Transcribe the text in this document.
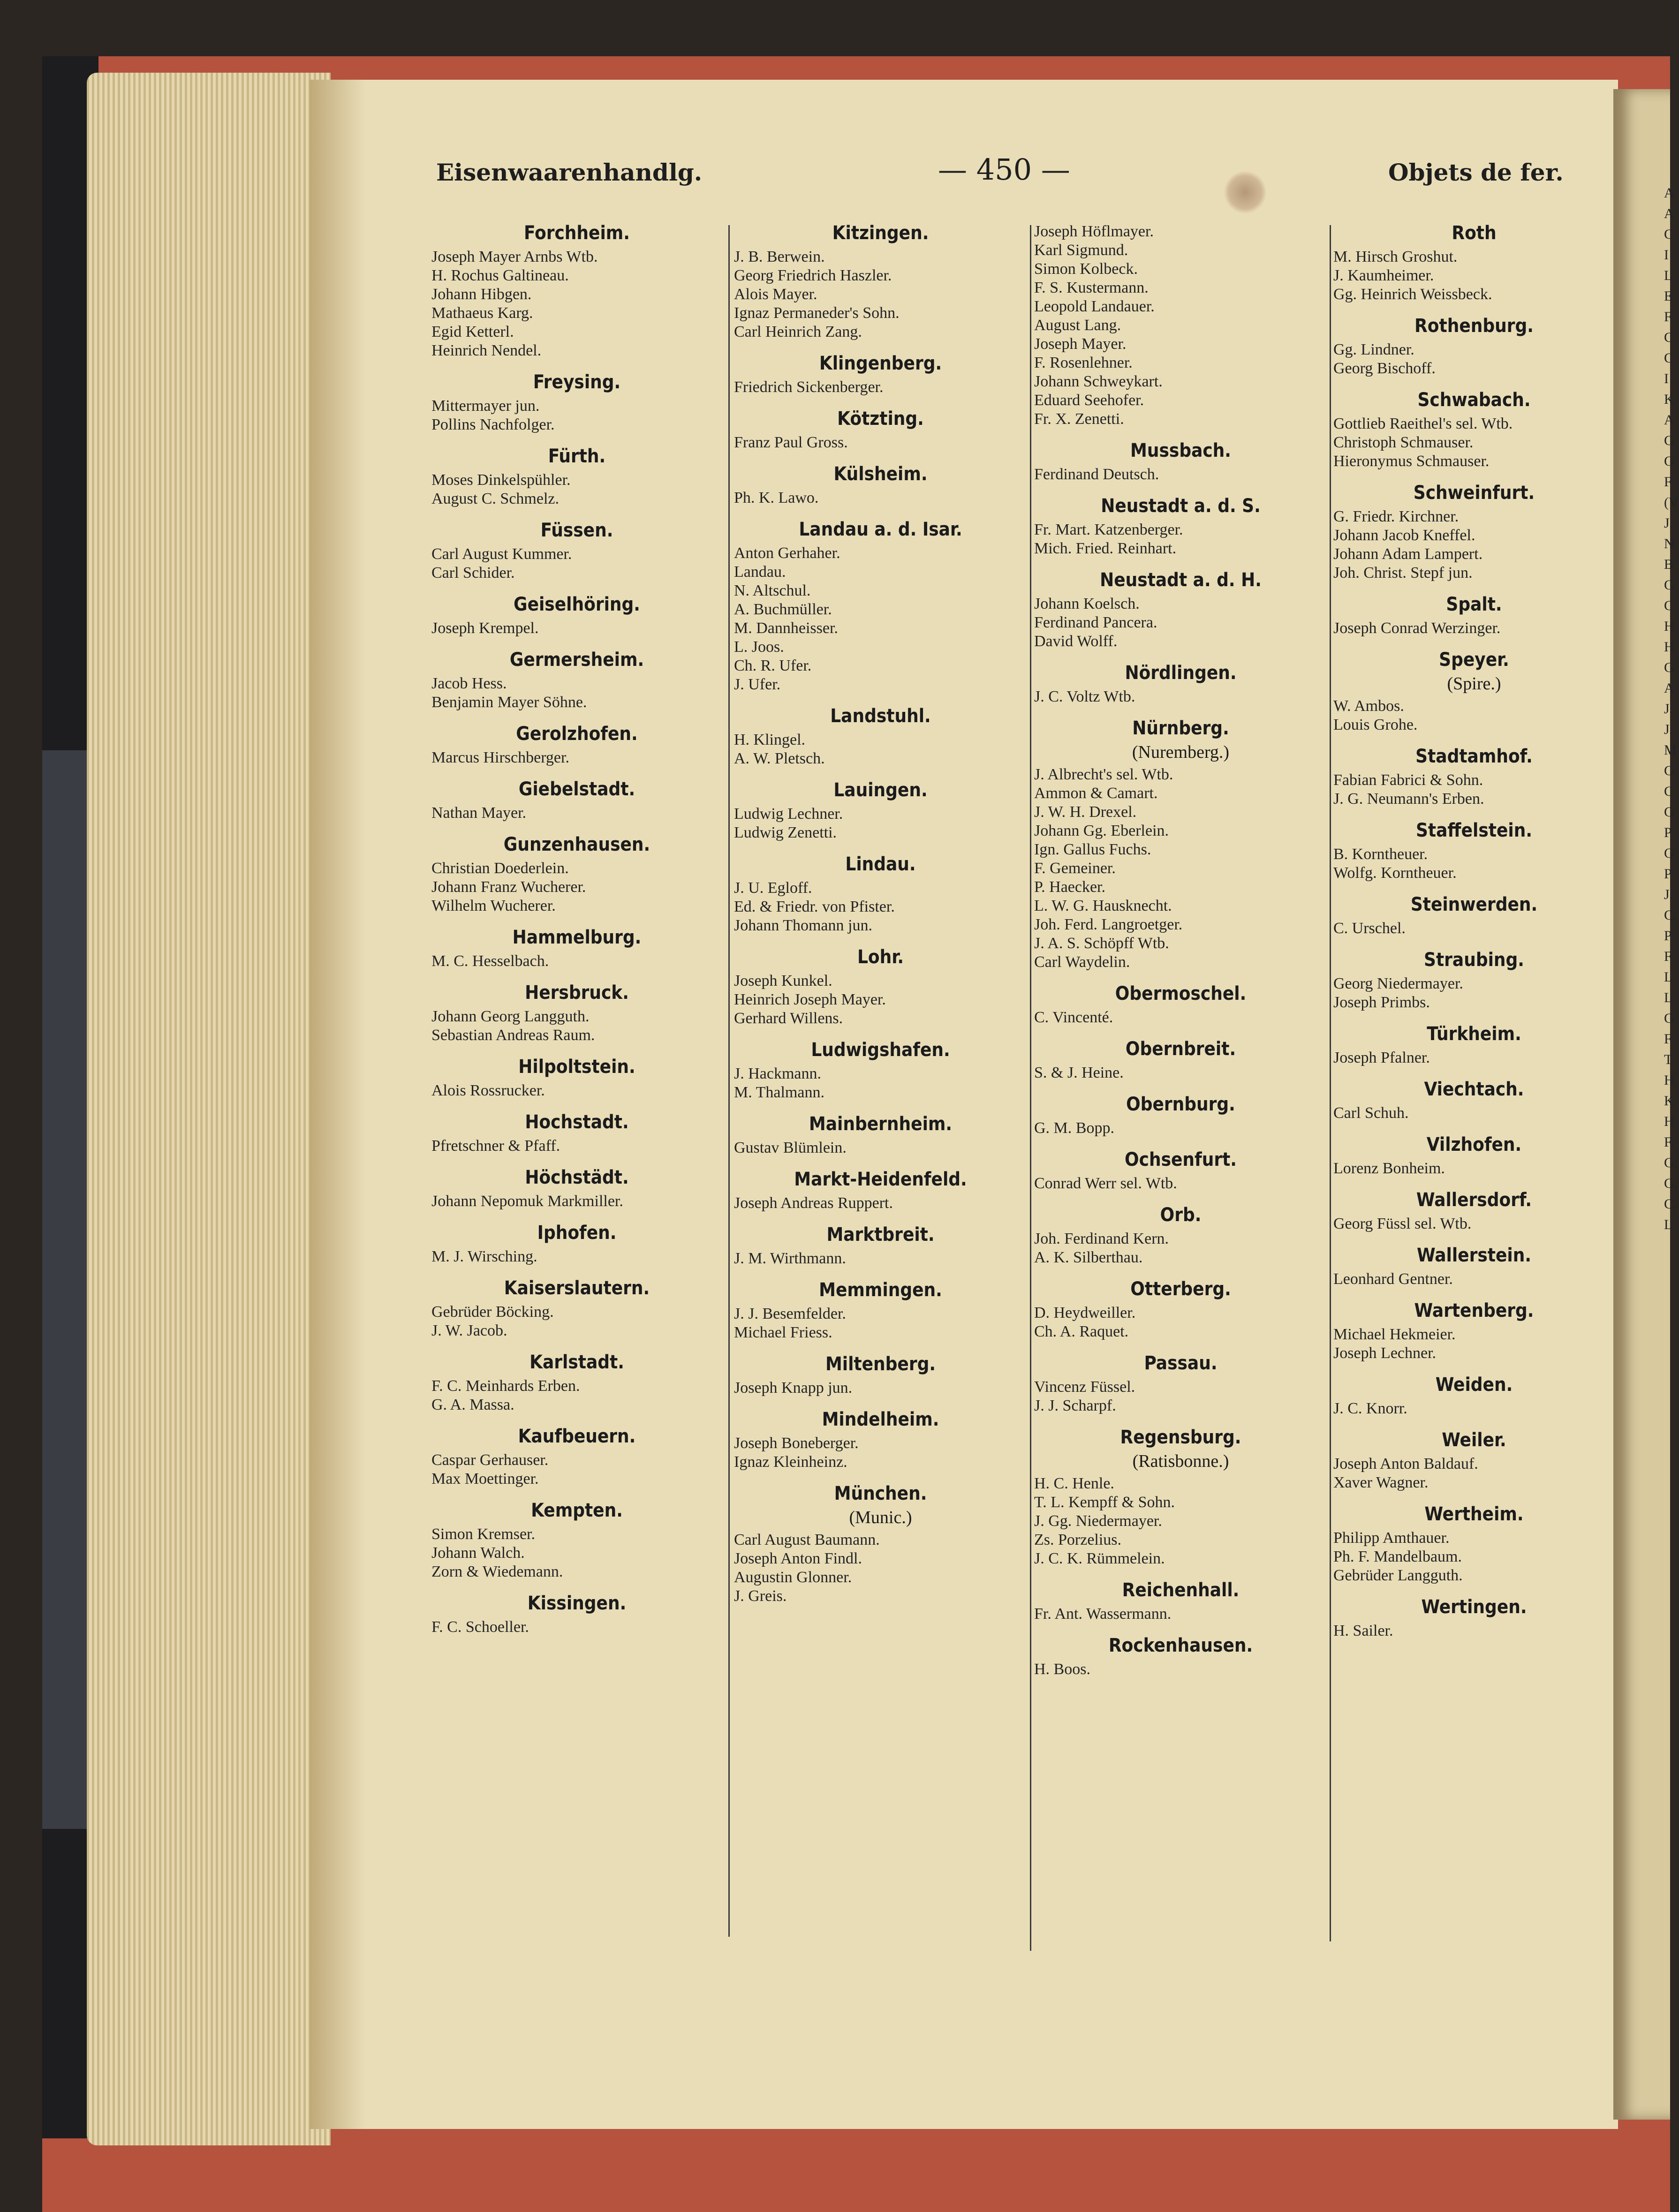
A
A
C
I
L
E
F
C
C
I
K
A
G
G
F
(V
J.
N
B
G
C
H
H
G
A
J.
J.
M
G
C
G
P
G
P
J.
C.
P
F
L
L
G
F
T
H
K
H
F.
G.
G.
C.
L
Eisenwaarenhandlg.	— 450 —	Objets de fer.
Forchheim.
Joseph Mayer Arnbs Wtb.
H. Rochus Galtineau.
Johann Hibgen.
Mathaeus Karg.
Egid Ketterl.
Heinrich Nendel.
Freysing.
Mittermayer jun.
Pollins Nachfolger.
Fürth.
Moses Dinkelspühler.
August C. Schmelz.
Füssen.
Carl August Kummer.
Carl Schider.
Geiselhöring.
Joseph Krempel.
Germersheim.
Jacob Hess.
Benjamin Mayer Söhne.
Gerolzhofen.
Marcus Hirschberger.
Giebelstadt.
Nathan Mayer.
Gunzenhausen.
Christian Doederlein.
Johann Franz Wucherer.
Wilhelm Wucherer.
Hammelburg.
M. C. Hesselbach.
Hersbruck.
Johann Georg Langguth.
Sebastian Andreas Raum.
Hilpoltstein.
Alois Rossrucker.
Hochstadt.
Pfretschner & Pfaff.
Höchstädt.
Johann Nepomuk Markmiller.
Iphofen.
M. J. Wirsching.
Kaiserslautern.
Gebrüder Böcking.
J. W. Jacob.
Karlstadt.
F. C. Meinhards Erben.
G. A. Massa.
Kaufbeuern.
Caspar Gerhauser.
Max Moettinger.
Kempten.
Simon Kremser.
Johann Walch.
Zorn & Wiedemann.
Kissingen.
F. C. Schoeller.
Kitzingen.
J. B. Berwein.
Georg Friedrich Haszler.
Alois Mayer.
Ignaz Permaneder's Sohn.
Carl Heinrich Zang.
Klingenberg.
Friedrich Sickenberger.
Kötzting.
Franz Paul Gross.
Külsheim.
Ph. K. Lawo.
Landau a. d. Isar.
Anton Gerhaher.
Landau.
N. Altschul.
A. Buchmüller.
M. Dannheisser.
L. Joos.
Ch. R. Ufer.
J. Ufer.
Landstuhl.
H. Klingel.
A. W. Pletsch.
Lauingen.
Ludwig Lechner.
Ludwig Zenetti.
Lindau.
J. U. Egloff.
Ed. & Friedr. von Pfister.
Johann Thomann jun.
Lohr.
Joseph Kunkel.
Heinrich Joseph Mayer.
Gerhard Willens.
Ludwigshafen.
J. Hackmann.
M. Thalmann.
Mainbernheim.
Gustav Blümlein.
Markt-Heidenfeld.
Joseph Andreas Ruppert.
Marktbreit.
J. M. Wirthmann.
Memmingen.
J. J. Besemfelder.
Michael Friess.
Miltenberg.
Joseph Knapp jun.
Mindelheim.
Joseph Boneberger.
Ignaz Kleinheinz.
München.
(Munic.)
Carl August Baumann.
Joseph Anton Findl.
Augustin Glonner.
J. Greis.
Joseph Höflmayer.
Karl Sigmund.
Simon Kolbeck.
F. S. Kustermann.
Leopold Landauer.
August Lang.
Joseph Mayer.
F. Rosenlehner.
Johann Schweykart.
Eduard Seehofer.
Fr. X. Zenetti.
Mussbach.
Ferdinand Deutsch.
Neustadt a. d. S.
Fr. Mart. Katzenberger.
Mich. Fried. Reinhart.
Neustadt a. d. H.
Johann Koelsch.
Ferdinand Pancera.
David Wolff.
Nördlingen.
J. C. Voltz Wtb.
Nürnberg.
(Nuremberg.)
J. Albrecht's sel. Wtb.
Ammon & Camart.
J. W. H. Drexel.
Johann Gg. Eberlein.
Ign. Gallus Fuchs.
F. Gemeiner.
P. Haecker.
L. W. G. Hausknecht.
Joh. Ferd. Langroetger.
J. A. S. Schöpff Wtb.
Carl Waydelin.
Obermoschel.
C. Vincenté.
Obernbreit.
S. & J. Heine.
Obernburg.
G. M. Bopp.
Ochsenfurt.
Conrad Werr sel. Wtb.
Orb.
Joh. Ferdinand Kern.
A. K. Silberthau.
Otterberg.
D. Heydweiller.
Ch. A. Raquet.
Passau.
Vincenz Füssel.
J. J. Scharpf.
Regensburg.
(Ratisbonne.)
H. C. Henle.
T. L. Kempff & Sohn.
J. Gg. Niedermayer.
Zs. Porzelius.
J. C. K. Rümmelein.
Reichenhall.
Fr. Ant. Wassermann.
Rockenhausen.
H. Boos.
Roth
M. Hirsch Groshut.
J. Kaumheimer.
Gg. Heinrich Weissbeck.
Rothenburg.
Gg. Lindner.
Georg Bischoff.
Schwabach.
Gottlieb Raeithel's sel. Wtb.
Christoph Schmauser.
Hieronymus Schmauser.
Schweinfurt.
G. Friedr. Kirchner.
Johann Jacob Kneffel.
Johann Adam Lampert.
Joh. Christ. Stepf jun.
Spalt.
Joseph Conrad Werzinger.
Speyer.
(Spire.)
W. Ambos.
Louis Grohe.
Stadtamhof.
Fabian Fabrici & Sohn.
J. G. Neumann's Erben.
Staffelstein.
B. Korntheuer.
Wolfg. Korntheuer.
Steinwerden.
C. Urschel.
Straubing.
Georg Niedermayer.
Joseph Primbs.
Türkheim.
Joseph Pfalner.
Viechtach.
Carl Schuh.
Vilzhofen.
Lorenz Bonheim.
Wallersdorf.
Georg Füssl sel. Wtb.
Wallerstein.
Leonhard Gentner.
Wartenberg.
Michael Hekmeier.
Joseph Lechner.
Weiden.
J. C. Knorr.
Weiler.
Joseph Anton Baldauf.
Xaver Wagner.
Wertheim.
Philipp Amthauer.
Ph. F. Mandelbaum.
Gebrüder Langguth.
Wertingen.
H. Sailer.
